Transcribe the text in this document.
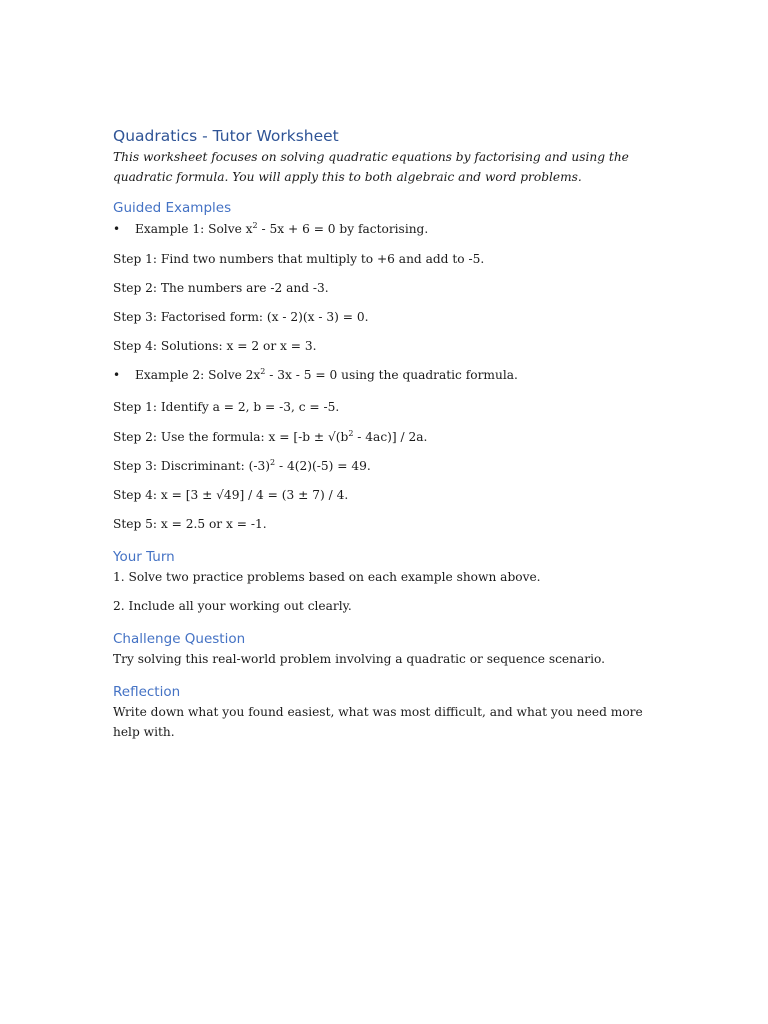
Quadratics - Tutor Worksheet

This worksheet focuses on solving quadratic equations by factorising and using the quadratic formula. You will apply this to both algebraic and word problems.

Guided Examples
•	Example 1: Solve $x^2 - 5x + 6 = 0$ by factorising.

Step 1: Find two numbers that multiply to +6 and add to -5.

Step 2: The numbers are -2 and -3.

Step 3: Factorised form: (x - 2)(x - 3) = 0.

Step 4: Solutions: x = 2 or x = 3.

•	Example 2: Solve $2x^2 - 3x - 5 = 0$ using the quadratic formula.

Step 1: Identify a = 2, b = -3, c = -5.

Step 2: Use the formula: $x = [-b \pm √(b^2 - 4ac)] / 2a$.

Step 3: Discriminant: $(-3)^2 - 4(2)(-5) = 49$.

Step 4: x = [3 ± √49] / 4 = (3 ± 7) / 4.

Step 5: x = 2.5 or x = -1.

Your Turn

1. Solve two practice problems based on each example shown above.

2. Include all your working out clearly.

Challenge Question

Try solving this real-world problem involving a quadratic or sequence scenario.

Reflection

Write down what you found easiest, what was most difficult, and what you need more help with.
